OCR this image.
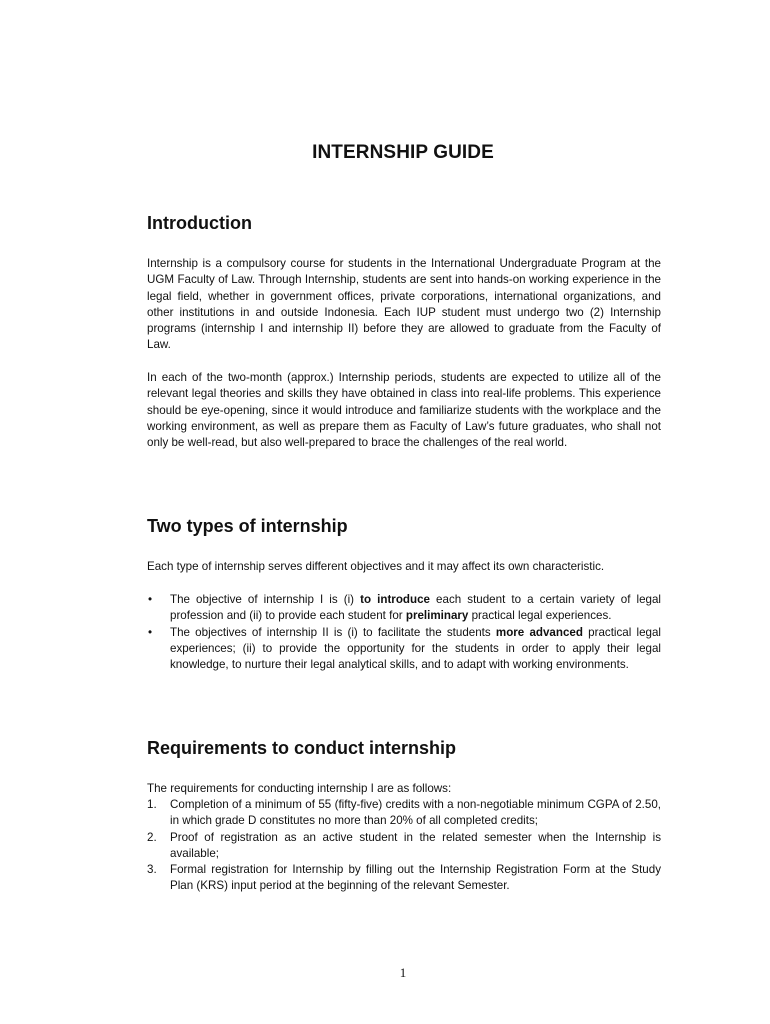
INTERNSHIP GUIDE
Introduction

Internship is a compulsory course for students in the International Undergraduate Program at the UGM Faculty of Law. Through Internship, students are sent into hands-on working experience in the legal field, whether in government offices, private corporations, international organizations, and other institutions in and outside Indonesia. Each IUP student must undergo two (2) Internship programs (internship I and internship II) before they are allowed to graduate from the Faculty of Law.

In each of the two-month (approx.) Internship periods, students are expected to utilize all of the relevant legal theories and skills they have obtained in class into real-life problems. This experience should be eye-opening, since it would introduce and familiarize students with the workplace and the working environment, as well as prepare them as Faculty of Law’s future graduates, who shall not only be well-read, but also well-prepared to brace the challenges of the real world.

Two types of internship

Each type of internship serves different objectives and it may affect its own characteristic.

• The objective of internship I is (i) to introduce each student to a certain variety of legal profession and (ii) to provide each student for preliminary practical legal experiences.
• The objectives of internship II is (i) to facilitate the students more advanced practical legal experiences; (ii) to provide the opportunity for the students in order to apply their legal knowledge, to nurture their legal analytical skills, and to adapt with working environments.
Requirements to conduct internship

The requirements for conducting internship I are as follows:

1. Completion of a minimum of 55 (fifty-five) credits with a non-negotiable minimum CGPA of 2.50, in which grade D constitutes no more than 20% of all completed credits;
2. Proof of registration as an active student in the related semester when the Internship is available;
3. Formal registration for Internship by filling out the Internship Registration Form at the Study Plan (KRS) input period at the beginning of the relevant Semester.
1
